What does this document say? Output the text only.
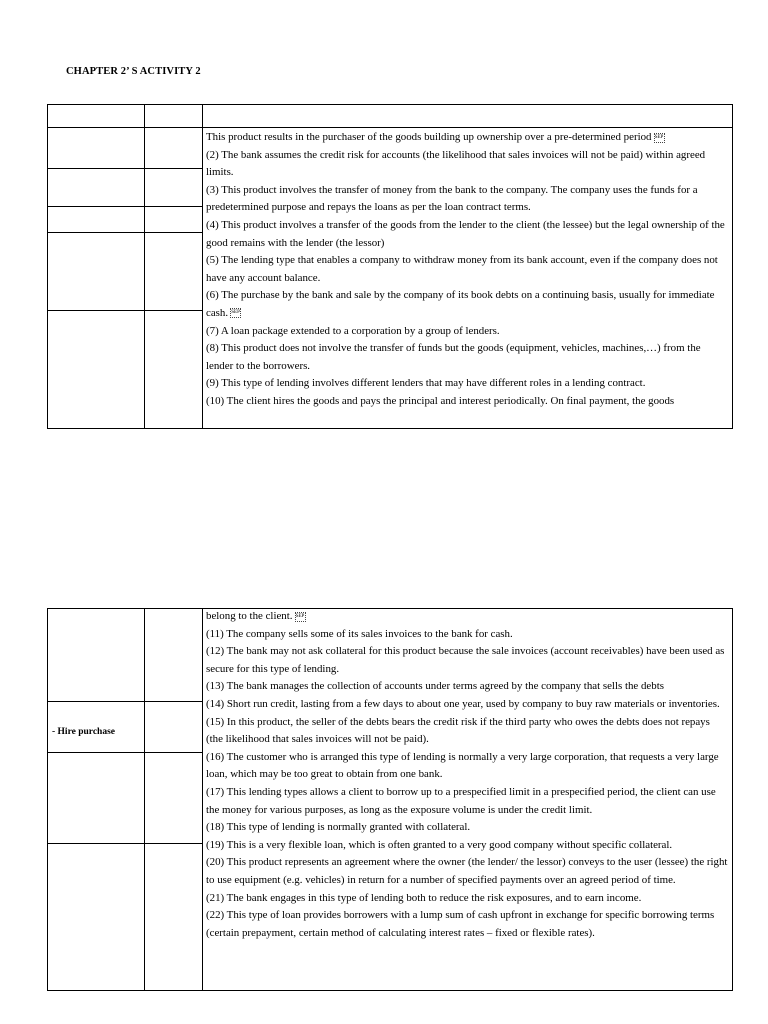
CHAPTER 2’ S ACTIVITY 2

This product results in the purchaser of the goods building up ownership over a pre-determined period SEP

(2) The bank assumes the credit risk for accounts (the likelihood that sales invoices will not be paid) within agreed limits.

(3) This product involves the transfer of money from the bank to the company. The company uses the funds for a predetermined purpose and repays the loans as per the loan contract terms.

(4) This product involves a transfer of the goods from the lender to the client (the lessee) but the legal ownership of the good remains with the lender (the lessor)

(5) The lending type that enables a company to withdraw money from its bank account, even if the company does not have any account balance.

(6) The purchase by the bank and sale by the company of its book debts on a continuing basis, usually for immediate cash. SEP

(7) A loan package extended to a corporation by a group of lenders.

(8) This product does not involve the transfer of funds but the goods (equipment, vehicles, machines,…) from the lender to the borrowers.

(9) This type of lending involves different lenders that may have different roles in a lending contract.

(10) The client hires the goods and pays the principal and interest periodically. On final payment, the goods

- Hire purchase

belong to the client. SEP

(11) The company sells some of its sales invoices to the bank for cash.

(12) The bank may not ask collateral for this product because the sale invoices (account receivables) have been used as secure for this type of lending.

(13) The bank manages the collection of accounts under terms agreed by the company that sells the debts

(14) Short run credit, lasting from a few days to about one year, used by company to buy raw materials or inventories.

(15) In this product, the seller of the debts bears the credit risk if the third party who owes the debts does not repays (the likelihood that sales invoices will not be paid).

(16) The customer who is arranged this type of lending is normally a very large corporation, that requests a very large loan, which may be too great to obtain from one bank.

(17) This lending types allows a client to borrow up to a prespecified limit in a prespecified period, the client can use the money for various purposes, as long as the exposure volume is under the credit limit.

(18) This type of lending is normally granted with collateral.

(19) This is a very flexible loan, which is often granted to a very good company without specific collateral.

(20) This product represents an agreement where the owner (the lender/ the lessor) conveys to the user (lessee) the right to use equipment (e.g. vehicles) in return for a number of specified payments over an agreed period of time.

(21) The bank engages in this type of lending both to reduce the risk exposures, and to earn income.

(22) This type of loan provides borrowers with a lump sum of cash upfront in exchange for specific borrowing terms (certain prepayment, certain method of calculating interest rates – fixed or flexible rates).
